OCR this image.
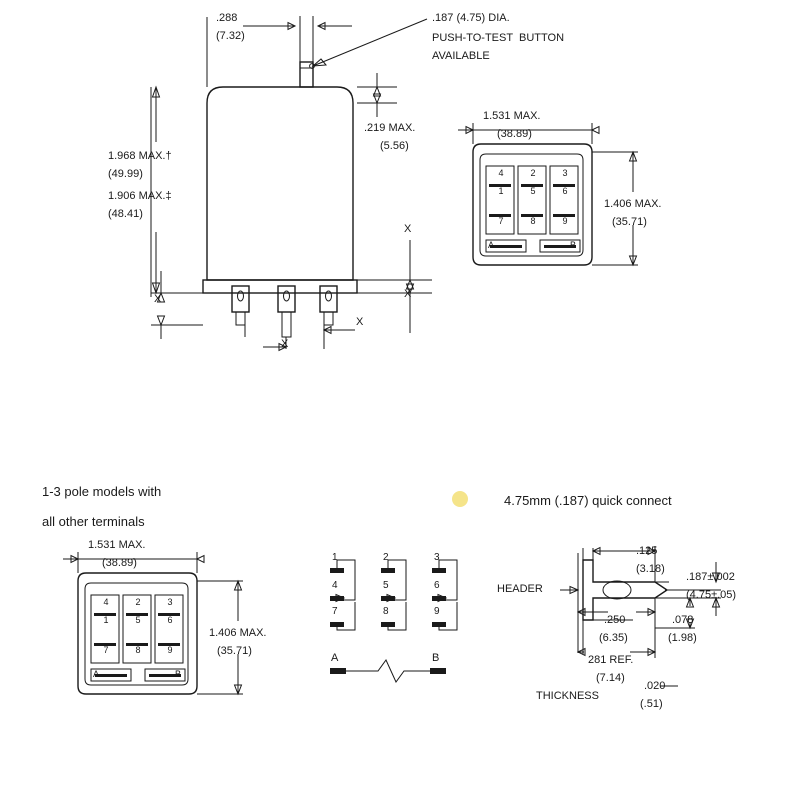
.288
(7.32)
.187 (4.75) DIA.
PUSH-TO-TEST  BUTTON
AVAILABLE
1.968 MAX.†
(49.99)
1.906 MAX.‡
(48.41)
.219 MAX.
(5.56)
X
X
X
X
X
1.531 MAX.
(38.89)
1.406 MAX.
(35.71)
4	2	3
1	5	6
7	8	9
A	B
1-3 pole models with
all other terminals
4.75mm (.187) quick connect
1.531 MAX.
(38.89)
1.406 MAX.
(35.71)
4	2	3
1	5	6
7	8	9
A	B
1	2	3
4	5	6
7	8	9
A	B
HEADER
.125
(3.18)
.187±.002
(4.75±.05)
.250
(6.35)
.078
(1.98)
281 REF.
(7.14)
THICKNESS
.020
(.51)
